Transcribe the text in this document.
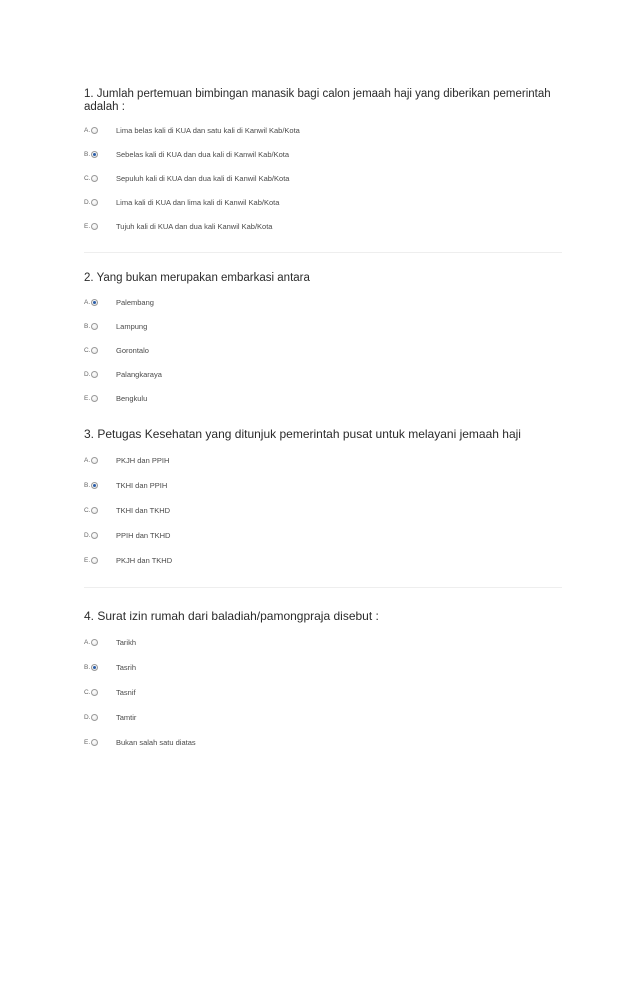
1. Jumlah pertemuan bimbingan manasik bagi calon jemaah haji yang diberikan pemerintah adalah :
A.	Lima belas kali di KUA dan satu kali di Kanwil Kab/Kota
B.	Sebelas kali di KUA dan dua kali di Kanwil Kab/Kota
C.	Sepuluh kali di KUA dan dua kali di Kanwil Kab/Kota
D.	Lima kali di KUA dan lima kali di Kanwil Kab/Kota
E.	Tujuh kali di KUA dan dua kali Kanwil Kab/Kota
2. Yang bukan merupakan embarkasi antara
A.	Palembang
B.	Lampung
C.	Gorontalo
D.	Palangkaraya
E.	Bengkulu
3. Petugas Kesehatan yang ditunjuk pemerintah pusat untuk melayani jemaah haji
A.	PKJH dan PPIH
B.	TKHI dan PPIH
C.	TKHI dan TKHD
D.	PPIH dan TKHD
E.	PKJH dan TKHD
4. Surat izin rumah dari baladiah/pamongpraja disebut :
A.	Tarikh
B.	Tasrih
C.	Tasnif
D.	Tamtir
E.	Bukan salah satu diatas
